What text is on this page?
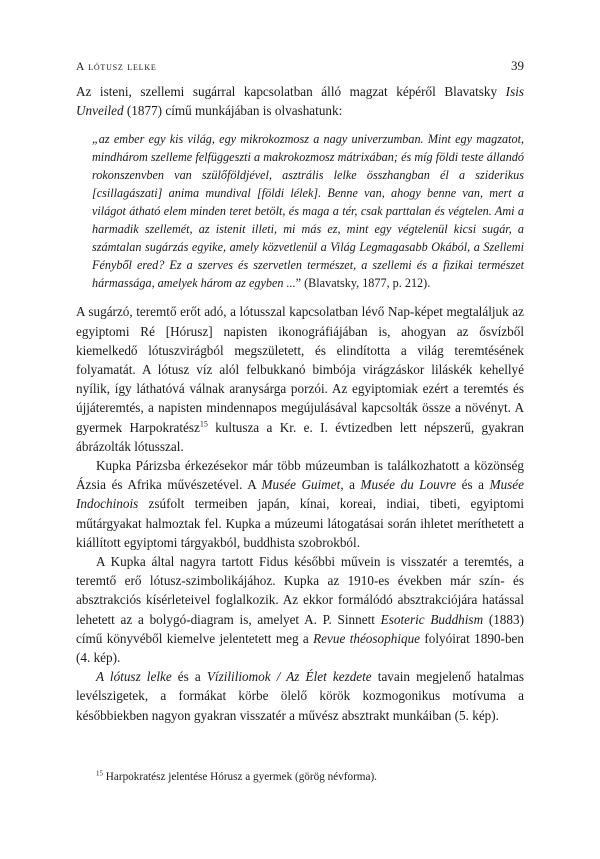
A lótusz lelke	39

Az isteni, szellemi sugárral kapcsolatban álló magzat képéről Blavatsky Isis Unveiled (1877) című munkájában is olvashatunk:

„az ember egy kis világ, egy mikrokozmosz a nagy univerzumban. Mint egy magzatot, mindhárom szelleme felfüggeszti a makrokozmosz mátrixában; és míg földi teste állandó rokonszenvben van szülőföldjével, asztrális lelke összhangban él a sziderikus [csillagászati] anima mundival [földi lélek]. Benne van, ahogy benne van, mert a világot átható elem minden teret betölt, és maga a tér, csak parttalan és végtelen. Ami a harmadik szellemét, az istenit illeti, mi más ez, mint egy végtelenül kicsi sugár, a számtalan sugárzás egyike, amely közvetlenül a Világ Legmagasabb Okából, a Szellemi Fényből ered? Ez a szerves és szervetlen természet, a szellemi és a fizikai természet hármassága, amelyek három az egyben ...” (Blavatsky, 1877, p. 212).

A sugárzó, teremtő erőt adó, a lótusszal kapcsolatban lévő Nap-képet megtaláljuk az egyiptomi Ré [Hórusz] napisten ikonográfiájában is, ahogyan az ősvízből kiemelkedő lótuszvirágból megszületett, és elindította a világ teremtésének folyamatát. A lótusz víz alól felbukkanó bimbója virágzáskor liláskék kehellyé nyílik, így láthatóvá válnak aranysárga porzói. Az egyiptomiak ezért a teremtés és újjáteremtés, a napisten mindennapos megújulásával kapcsolták össze a növényt. A gyermek Harpokratész$^{15}$ kultusza a Kr. e. I. évtizedben lett népszerű, gyakran ábrázolták lótusszal.

Kupka Párizsba érkezésekor már több múzeumban is találkozhatott a közönség Ázsia és Afrika művészetével. A Musée Guimet, a Musée du Louvre és a Musée Indochinois zsúfolt termeiben japán, kínai, koreai, indiai, tibeti, egyiptomi műtárgyakat halmoztak fel. Kupka a múzeumi látogatásai során ihletet meríthetett a kiállított egyiptomi tárgyakból, buddhista szobrokból.

A Kupka által nagyra tartott Fidus későbbi művein is visszatér a teremtés, a teremtő erő lótusz-szimbolikájához. Kupka az 1910-es években már szín- és absztrakciós kísérleteivel foglalkozik. Az ekkor formálódó absztrakciójára hatással lehetett az a bolygó-diagram is, amelyet A. P. Sinnett Esoteric Buddhism (1883) című könyvéből kiemelve jelentetett meg a Revue théosophique folyóirat 1890-ben (4. kép).

A lótusz lelke és a Vízililiomok / Az Élet kezdete tavain megjelenő hatalmas levélszigetek, a formákat körbe ölelő körök kozmogonikus motívuma a későbbiekben nagyon gyakran visszatér a művész absztrakt munkáiban (5. kép).

$^{15}$ Harpokratész jelentése Hórusz a gyermek (görög névforma).
